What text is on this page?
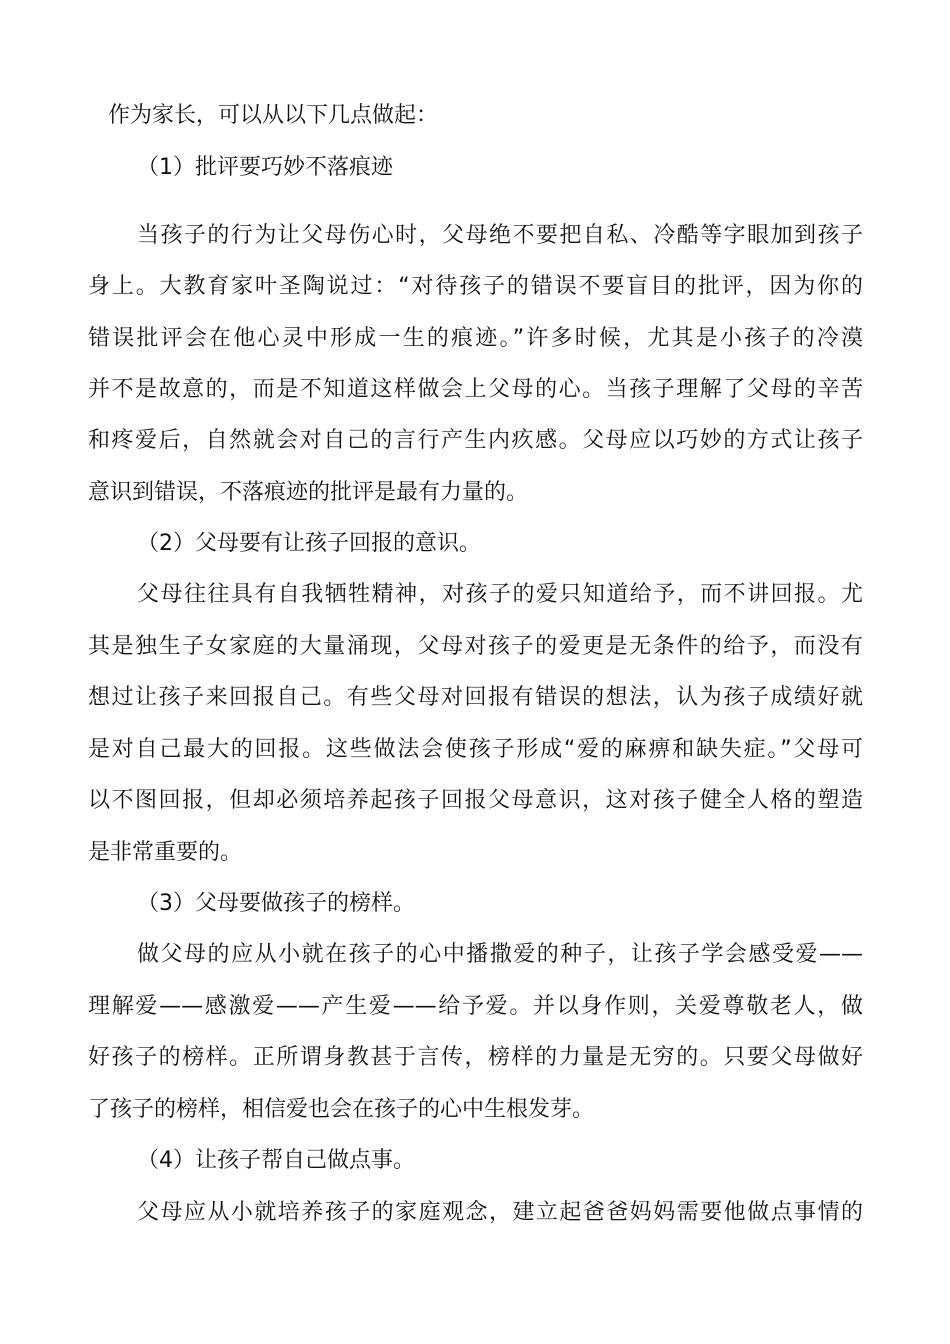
作为家长，可以从以下几点做起：
（1）批评要巧妙不落痕迹
当孩子的行为让父母伤心时，父母绝不要把自私、冷酷等字眼加到孩子
身上。大教育家叶圣陶说过：“对待孩子的错误不要盲目的批评，因为你的
错误批评会在他心灵中形成一生的痕迹。”许多时候，尤其是小孩子的冷漠
并不是故意的，而是不知道这样做会上父母的心。当孩子理解了父母的辛苦
和疼爱后，自然就会对自己的言行产生内疚感。父母应以巧妙的方式让孩子
意识到错误，不落痕迹的批评是最有力量的。
（2）父母要有让孩子回报的意识。
父母往往具有自我牺牲精神，对孩子的爱只知道给予，而不讲回报。尤
其是独生子女家庭的大量涌现，父母对孩子的爱更是无条件的给予，而没有
想过让孩子来回报自己。有些父母对回报有错误的想法，认为孩子成绩好就
是对自己最大的回报。这些做法会使孩子形成“爱的麻痹和缺失症。”父母可
以不图回报，但却必须培养起孩子回报父母意识，这对孩子健全人格的塑造
是非常重要的。
（3）父母要做孩子的榜样。
做父母的应从小就在孩子的心中播撒爱的种子，让孩子学会感受爱——
理解爱——感激爱——产生爱——给予爱。并以身作则，关爱尊敬老人，做
好孩子的榜样。正所谓身教甚于言传，榜样的力量是无穷的。只要父母做好
了孩子的榜样，相信爱也会在孩子的心中生根发芽。
（4）让孩子帮自己做点事。
父母应从小就培养孩子的家庭观念，建立起爸爸妈妈需要他做点事情的
